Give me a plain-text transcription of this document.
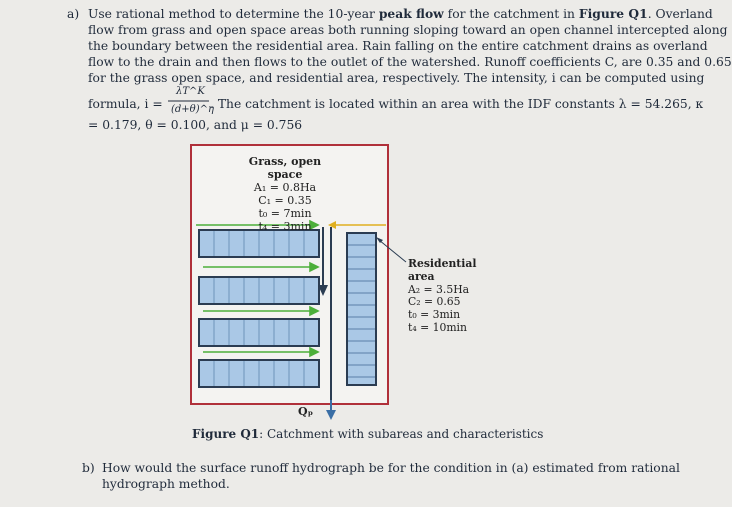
a) Use rational method to determine the 10-year peak flow for the catchment in Figure Q1. Overland
flow from grass and open space areas both running sloping toward an open channel intercepted along
the boundary between the residential area. Rain falling on the entire catchment drains as overland
flow to the drain and then flows to the outlet of the watershed. Runoff coefficients C, are 0.35 and 0.65
for the grass open space, and residential area, respectively. The intensity, i can be computed using
formula, i =
λT^K
(d+θ)^η
. The catchment is located within an area with the IDF constants λ = 54.265, κ
= 0.179, θ = 0.100, and μ = 0.756
Grass, open space
A₁ = 0.8Ha
C₁ = 0.35
t₀ = 7min
t₄ = 3min
Residential
area
A₂ = 3.5Ha
C₂ = 0.65
t₀ = 3min
t₄ = 10min
Qₚ
Figure Q1: Catchment with subareas and characteristics
b) How would the surface runoff hydrograph be for the condition in (a) estimated from rational
hydrograph method.
